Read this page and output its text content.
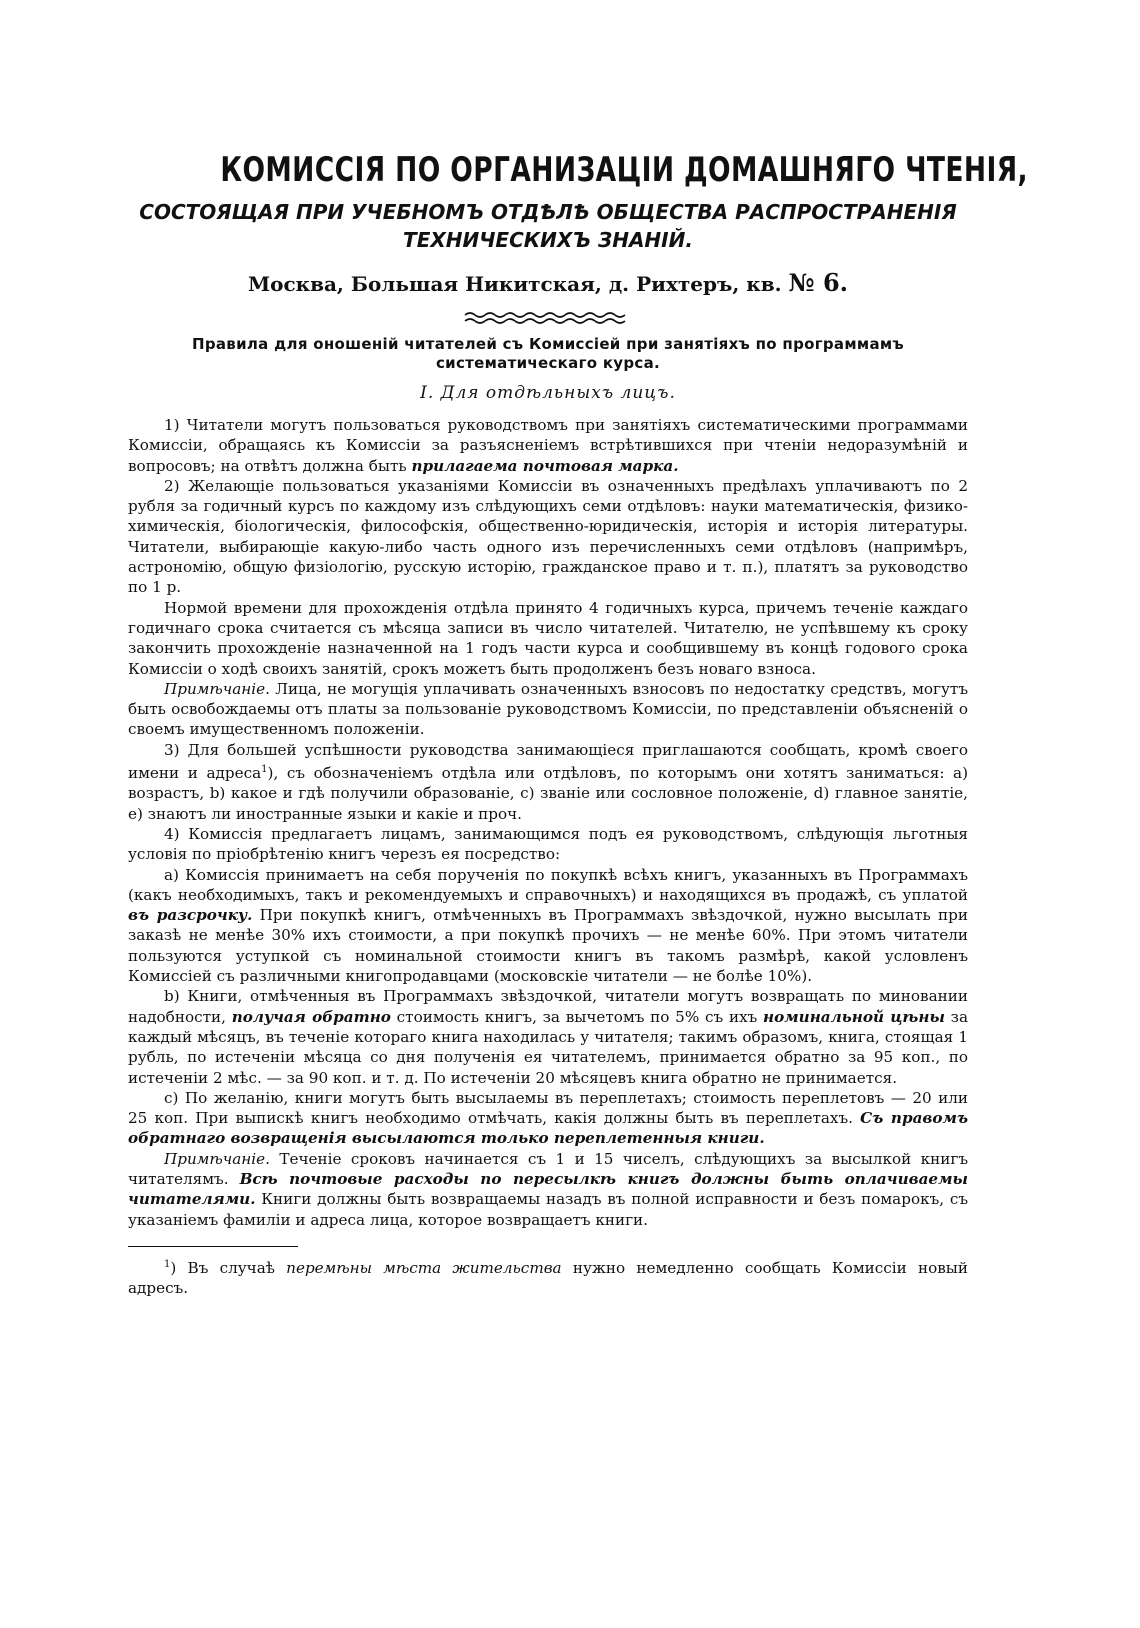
КОМИССІЯ ПО ОРГАНИЗАЦІИ ДОМАШНЯГО ЧТЕНІЯ,
СОСТОЯЩАЯ ПРИ УЧЕБНОМЪ ОТДѢЛѢ ОБЩЕСТВА РАСПРОСТРАНЕНІЯ ТЕХНИЧЕСКИХЪ ЗНАНІЙ.
Москва, Большая Никитская, д. Рихтеръ, кв. № 6.
Правила для оношеній читателей съ Комиссіей при занятіяхъ по программамъ систематическаго курса.
I. Для отдѣльныхъ лицъ.

1) Читатели могутъ пользоваться руководствомъ при занятіяхъ систематическими программами Комиссіи, обращаясь къ Комиссіи за разъясненіемъ встрѣтившихся при чтеніи недоразумѣній и вопросовъ; на отвѣтъ должна быть прилагаема почтовая марка.

2) Желающіе пользоваться указаніями Комиссіи въ означенныхъ предѣлахъ уплачиваютъ по 2 рубля за годичный курсъ по каждому изъ слѣдующихъ семи отдѣловъ: науки математическія, физико-химическія, біологическія, философскія, общественно-юридическія, исторія и исторія литературы. Читатели, выбирающіе какую-либо часть одного изъ перечисленныхъ семи отдѣловъ (напримѣръ, астрономію, общую физіологію, русскую исторію, гражданское право и т. п.), платятъ за руководство по 1 р.

Нормой времени для прохожденія отдѣла принято 4 годичныхъ курса, причемъ теченіе каждаго годичнаго срока считается съ мѣсяца записи въ число читателей. Читателю, не успѣвшему къ сроку закончить прохожденіе назначенной на 1 годъ части курса и сообщившему въ концѣ годового срока Комиссіи о ходѣ своихъ занятій, срокъ можетъ быть продолженъ безъ новаго взноса.

Примѣчаніе. Лица, не могущія уплачивать означенныхъ взносовъ по недостатку средствъ, могутъ быть освобождаемы отъ платы за пользованіе руководствомъ Комиссіи, по представленіи объясненій о своемъ имущественномъ положеніи.

3) Для большей успѣшности руководства занимающіеся приглашаются сообщать, кромѣ своего имени и адреса$^1$), съ обозначеніемъ отдѣла или отдѣловъ, по которымъ они хотятъ заниматься: a) возрастъ, b) какое и гдѣ получили образованіе, c) званіе или сословное положеніе, d) главное занятіе, e) знаютъ ли иностранные языки и какіе и проч.

4) Комиссія предлагаетъ лицамъ, занимающимся подъ ея руководствомъ, слѣдующія льготныя условія по пріобрѣтенію книгъ черезъ ея посредство:

a) Комиссія принимаетъ на себя порученія по покупкѣ всѣхъ книгъ, указанныхъ въ Программахъ (какъ необходимыхъ, такъ и рекомендуемыхъ и справочныхъ) и находящихся въ продажѣ, съ уплатой въ разсрочку. При покупкѣ книгъ, отмѣченныхъ въ Программахъ звѣздочкой, нужно высылать при заказѣ не менѣе 30% ихъ стоимости, а при покупкѣ прочихъ — не менѣе 60%. При этомъ читатели пользуются уступкой съ номинальной стоимости книгъ въ такомъ размѣрѣ, какой условленъ Комиссіей съ различными книгопродавцами (московскіе читатели — не болѣе 10%).

b) Книги, отмѣченныя въ Программахъ звѣздочкой, читатели могутъ возвращать по миновании надобности, получая обратно стоимость книгъ, за вычетомъ по 5% съ ихъ номинальной цѣны за каждый мѣсяцъ, въ теченіе котораго книга находилась у читателя; такимъ образомъ, книга, стоящая 1 рубль, по истеченіи мѣсяца со дня полученія ея читателемъ, принимается обратно за 95 коп., по истеченіи 2 мѣс. — за 90 коп. и т. д. По истеченіи 20 мѣсяцевъ книга обратно не принимается.

c) По желанію, книги могутъ быть высылаемы въ переплетахъ; стоимость переплетовъ — 20 или 25 коп. При выпискѣ книгъ необходимо отмѣчать, какія должны быть въ переплетахъ. Съ правомъ обратнаго возвращенія высылаются только переплетенныя книги.

Примѣчаніе. Теченіе сроковъ начинается съ 1 и 15 чиселъ, слѣдующихъ за высылкой книгъ читателямъ. Всѣ почтовые расходы по пересылкѣ книгъ должны быть оплачиваемы читателями. Книги должны быть возвращаемы назадъ въ полной исправности и безъ помарокъ, съ указаніемъ фамиліи и адреса лица, которое возвращаетъ книги.

$^1$) Въ случаѣ перемѣны мѣста жительства нужно немедленно сообщать Комиссіи новый адресъ.
